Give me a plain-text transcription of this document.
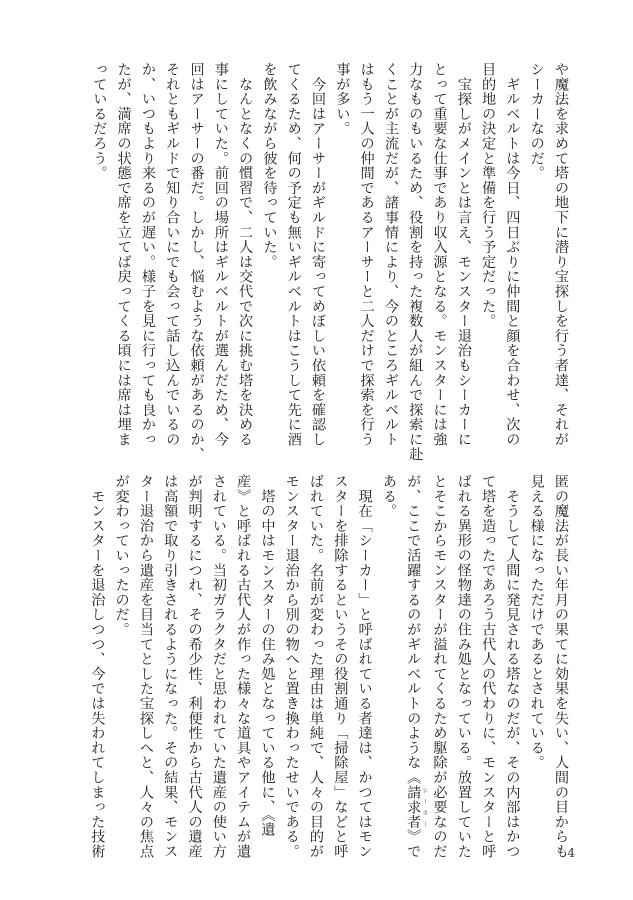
や魔法を求めて塔の地下に潜り宝探しを行う者達、それが
シーカーなのだ。
　ギルベルトは今日、四日ぶりに仲間と顔を合わせ、次の
目的地の決定と準備を行う予定だった。
　宝探しがメインとは言え、モンスター退治もシーカーに
とって重要な仕事であり収入源となる。モンスターには強
力なものもいるため、役割を持った複数人が組んで探索に赴
くことが主流だが、諸事情により、今のところギルベルト
はもう一人の仲間であるアーサーと二人だけで探索を行う
事が多い。
　今回はアーサーがギルドに寄ってめぼしい依頼を確認し
てくるため、何の予定も無いギルベルトはこうして先に酒
を飲みながら彼を待っていた。
　なんとなくの慣習で、二人は交代で次に挑む塔を決める
事にしていた。前回の場所はギルベルトが選んだため、今
回はアーサーの番だ。しかし、悩むような依頼があるのか、
それともギルドで知り合いにでも会って話し込んでいるの
か、いつもより来るのが遅い。様子を見に行っても良かっ
たが、満席の状態で席を立てば戻ってくる頃には席は埋ま
っているだろう。
匿の魔法が長い年月の果てに効果を失い、人間の目からも
見える様になっただけであるとされている。
　そうして人間に発見される塔なのだが、その内部はかつ
て塔を造ったであろう古代人の代わりに、モンスターと呼
ばれる異形の怪物達の住み処となっている。放置していた
とそこからモンスターが溢れてくるため駆除が必要なのだ
が、ここで活躍するのがギルベルトのような《請求者 シーカー》で
ある。
　現在「シーカー」と呼ばれている者達は、かつてはモン
スターを排除するというその役割通り「掃除屋」などと呼
ばれていた。名前が変わった理由は単純で、人々の目的が
モンスター退治から別の物へと置き換わったせいである。
　塔の中はモンスターの住み処となっている他に、《遺
産》と呼ばれる古代人が作った様々な道具やアイテムが遺
されている。当初ガラクタだと思われていた遺産の使い方
が判明するにつれ、その希少性、利便性から古代人の遺産
は高額で取り引きされるようになった。その結果、モンス
ター退治から遺産を目当てとした宝探しへと、人々の焦点
が変わっていったのだ。
　モンスターを退治しつつ、今では失われてしまった技術	4
